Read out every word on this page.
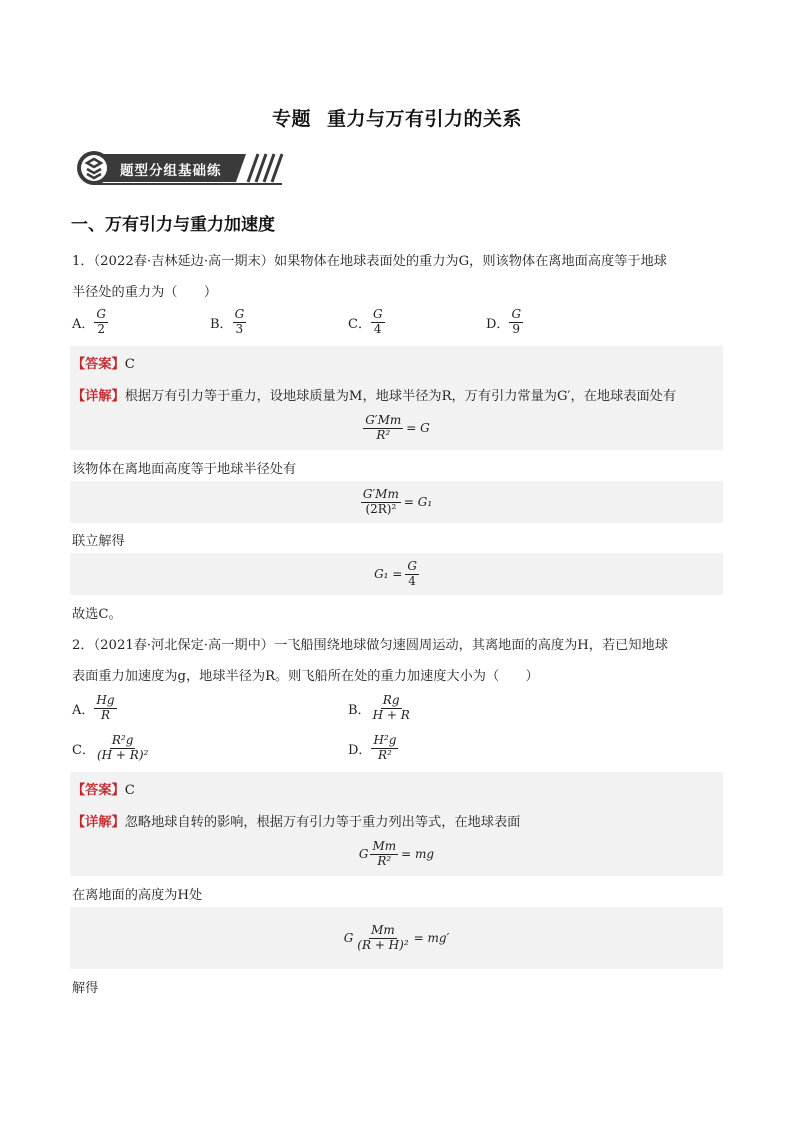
专题 重力与万有引力的关系
题型分组基础练
一、万有引力与重力加速度
1．（2022春·吉林延边·高一期末）如果物体在地球表面处的重力为G，则该物体在离地面高度等于地球
半径处的重力为（　　）
A． $\frac{G}{2}$	B． $\frac{G}{3}$	C． $\frac{G}{4}$	D． $\frac{G}{9}$
【答案】C
【详解】根据万有引力等于重力，设地球质量为M，地球半径为R，万有引力常量为G′，在地球表面处有
$\frac{G'Mm}{\text{R²}} = G$
该物体在离地面高度等于地球半径处有
$\frac{G'Mm}{\text{(2R)²}} = G_1$
联立解得
$G_1 = \frac{G}{4}$
故选C。
2．（2021春·河北保定·高一期中）一飞船围绕地球做匀速圆周运动，其离地面的高度为H，若已知地球
表面重力加速度为g，地球半径为R。则飞船所在处的重力加速度大小为（　　）
A． $\frac{Hg}{R}$	B． $\frac{Rg}{H + R}$
C． $\frac{\text{R²g}}{\text{(H + R)²}}$	D． $\frac{\text{H²g}}{\text{R²}}$
【答案】C
【详解】忽略地球自转的影响，根据万有引力等于重力列出等式，在地球表面
G $\frac{Mm}{\text{R²}}$ = mg
在离地面的高度为H处
G $\frac{Mm}{\text{(R + H)²}} = mg'$
解得
